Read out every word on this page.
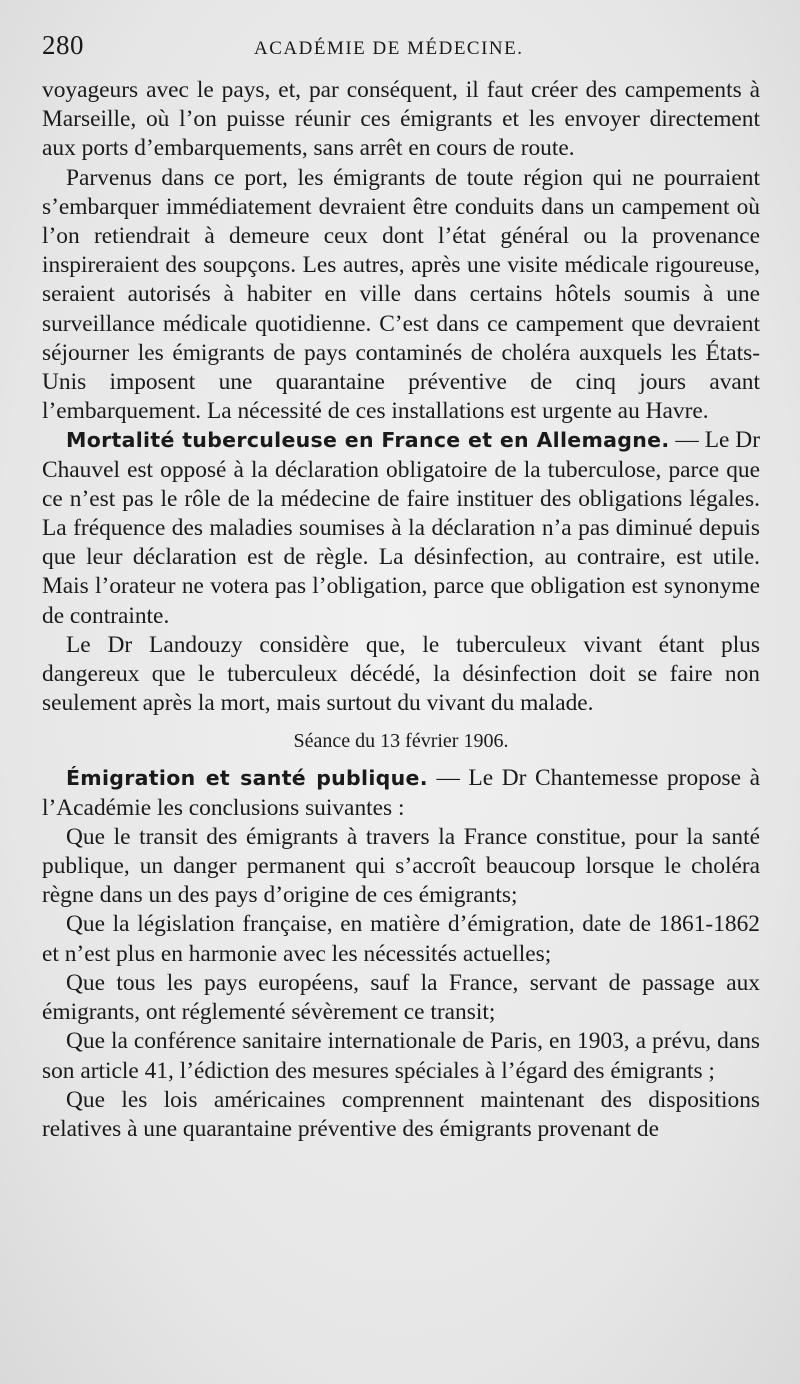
280	ACADÉMIE DE MÉDECINE.

voyageurs avec le pays, et, par conséquent, il faut créer des campements à Marseille, où l’on puisse réunir ces émigrants et les envoyer directement aux ports d’embarquements, sans arrêt en cours de route.

Parvenus dans ce port, les émigrants de toute région qui ne pourraient s’embarquer immédiatement devraient être conduits dans un campement où l’on retiendrait à demeure ceux dont l’état général ou la provenance inspireraient des soupçons. Les autres, après une visite médicale rigoureuse, seraient autorisés à habiter en ville dans certains hôtels soumis à une surveillance médicale quotidienne. C’est dans ce campement que devraient séjourner les émigrants de pays contaminés de choléra auxquels les États-Unis imposent une quarantaine préventive de cinq jours avant l’embarquement. La nécessité de ces installations est urgente au Havre.

Mortalité tuberculeuse en France et en Allemagne. — Le Dr Chauvel est opposé à la déclaration obligatoire de la tuberculose, parce que ce n’est pas le rôle de la médecine de faire instituer des obligations légales. La fréquence des maladies soumises à la déclaration n’a pas diminué depuis que leur déclaration est de règle. La désinfection, au contraire, est utile. Mais l’orateur ne votera pas l’obligation, parce que obligation est synonyme de contrainte.

Le Dr Landouzy considère que, le tuberculeux vivant étant plus dangereux que le tuberculeux décédé, la désinfection doit se faire non seulement après la mort, mais surtout du vivant du malade.

Séance du 13 février 1906.

Émigration et santé publique. — Le Dr Chantemesse propose à l’Académie les conclusions suivantes :

Que le transit des émigrants à travers la France constitue, pour la santé publique, un danger permanent qui s’accroît beaucoup lorsque le choléra règne dans un des pays d’origine de ces émigrants;

Que la législation française, en matière d’émigration, date de 1861-1862 et n’est plus en harmonie avec les nécessités actuelles;

Que tous les pays européens, sauf la France, servant de passage aux émigrants, ont réglementé sévèrement ce transit;

Que la conférence sanitaire internationale de Paris, en 1903, a prévu, dans son article 41, l’édiction des mesures spéciales à l’égard des émigrants ;

Que les lois américaines comprennent maintenant des dispositions relatives à une quarantaine préventive des émigrants provenant de
